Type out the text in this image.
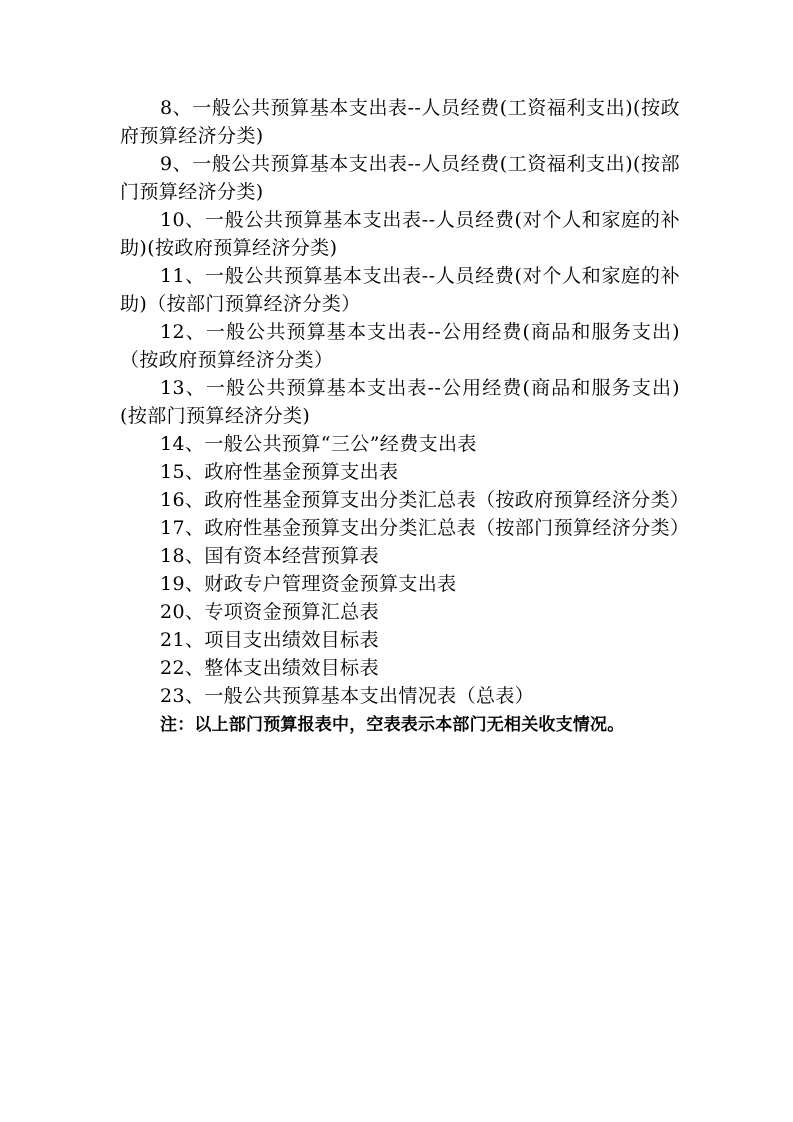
8、一般公共预算基本支出表--人员经费(工资福利支出)(按政府预算经济分类)

9、一般公共预算基本支出表--人员经费(工资福利支出)(按部门预算经济分类)

10、一般公共预算基本支出表--人员经费(对个人和家庭的补助)(按政府预算经济分类)

11、一般公共预算基本支出表--人员经费(对个人和家庭的补助)（按部门预算经济分类）

12、一般公共预算基本支出表--公用经费(商品和服务支出)（按政府预算经济分类）

13、一般公共预算基本支出表--公用经费(商品和服务支出)(按部门预算经济分类)

14、一般公共预算“三公”经费支出表

15、政府性基金预算支出表

16、政府性基金预算支出分类汇总表（按政府预算经济分类）

17、政府性基金预算支出分类汇总表（按部门预算经济分类）

18、国有资本经营预算表

19、财政专户管理资金预算支出表

20、专项资金预算汇总表

21、项目支出绩效目标表

22、整体支出绩效目标表

23、一般公共预算基本支出情况表（总表）

注：以上部门预算报表中，空表表示本部门无相关收支情况。
